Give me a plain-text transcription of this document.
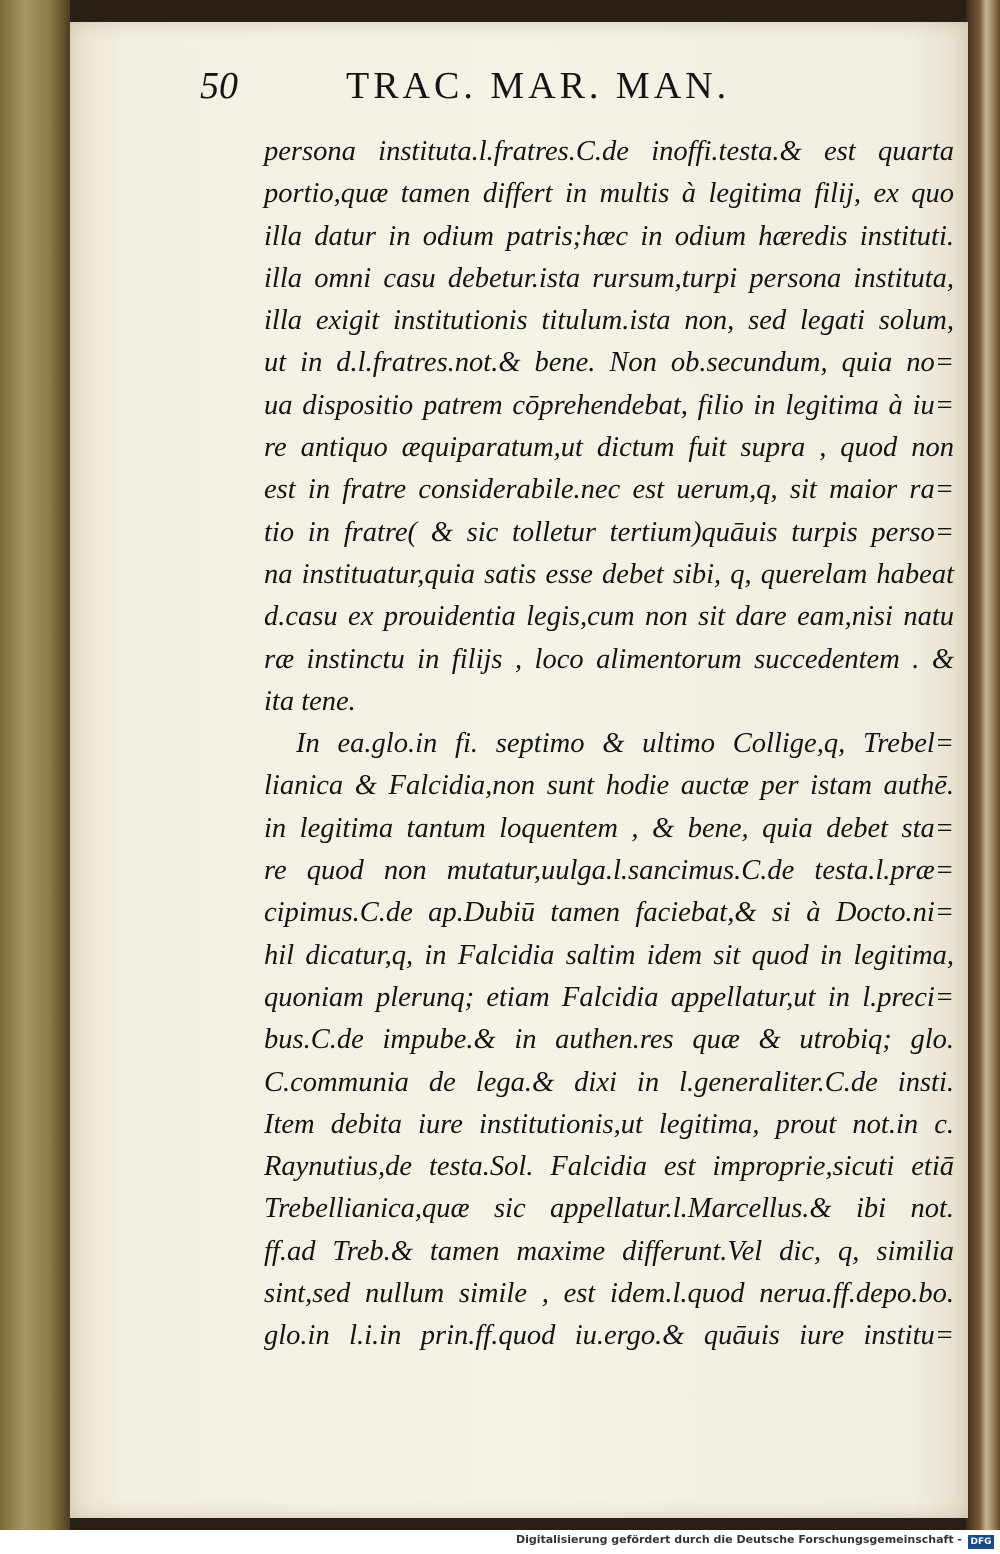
50	TRAC. MAR. MAN.
persona instituta.l.fratres.C.de inoffi.testa.& est quarta
portio,quæ tamen differt in multis à legitima filij, ex quo
illa datur in odium patris;hæc in odium hæredis instituti.
illa omni casu debetur.ista rursum,turpi persona instituta,
illa exigit institutionis titulum.ista non, sed legati solum,
ut in d.l.fratres.not.& bene. Non ob.secundum, quia no=
ua dispositio patrem cōprehendebat, filio in legitima à iu=
re antiquo æquiparatum,ut dictum fuit supra , quod non
est in fratre considerabile.nec est uerum,q, sit maior ra=
tio in fratre( & sic tolletur tertium)quāuis turpis perso=
na instituatur,quia satis esse debet sibi, q, querelam habeat
d.casu ex prouidentia legis,cum non sit dare eam,nisi natu
ræ instinctu in filijs , loco alimentorum succedentem . &
ita tene.
In ea.glo.in fi. septimo & ultimo Collige,q, Trebel=
lianica & Falcidia,non sunt hodie auctæ per istam authē.
in legitima tantum loquentem , & bene, quia debet sta=
re quod non mutatur,uulga.l.sancimus.C.de testa.l.præ=
cipimus.C.de ap.Dubiū tamen faciebat,& si à Docto.ni=
hil dicatur,q, in Falcidia saltim idem sit quod in legitima,
quoniam plerunq; etiam Falcidia appellatur,ut in l.preci=
bus.C.de impube.& in authen.res quæ & utrobiq; glo.
C.communia de lega.& dixi in l.generaliter.C.de insti.
Item debita iure institutionis,ut legitima, prout not.in c.
Raynutius,de testa.Sol. Falcidia est improprie,sicuti etiā
Trebellianica,quæ sic appellatur.l.Marcellus.& ibi not.
ff.ad Treb.& tamen maxime differunt.Vel dic, q, similia
sint,sed nullum simile , est idem.l.quod nerua.ff.depo.bo.
glo.in l.i.in prin.ff.quod iu.ergo.& quāuis iure institu=
Digitalisierung gefördert durch die Deutsche Forschungsgemeinschaft - DFG
